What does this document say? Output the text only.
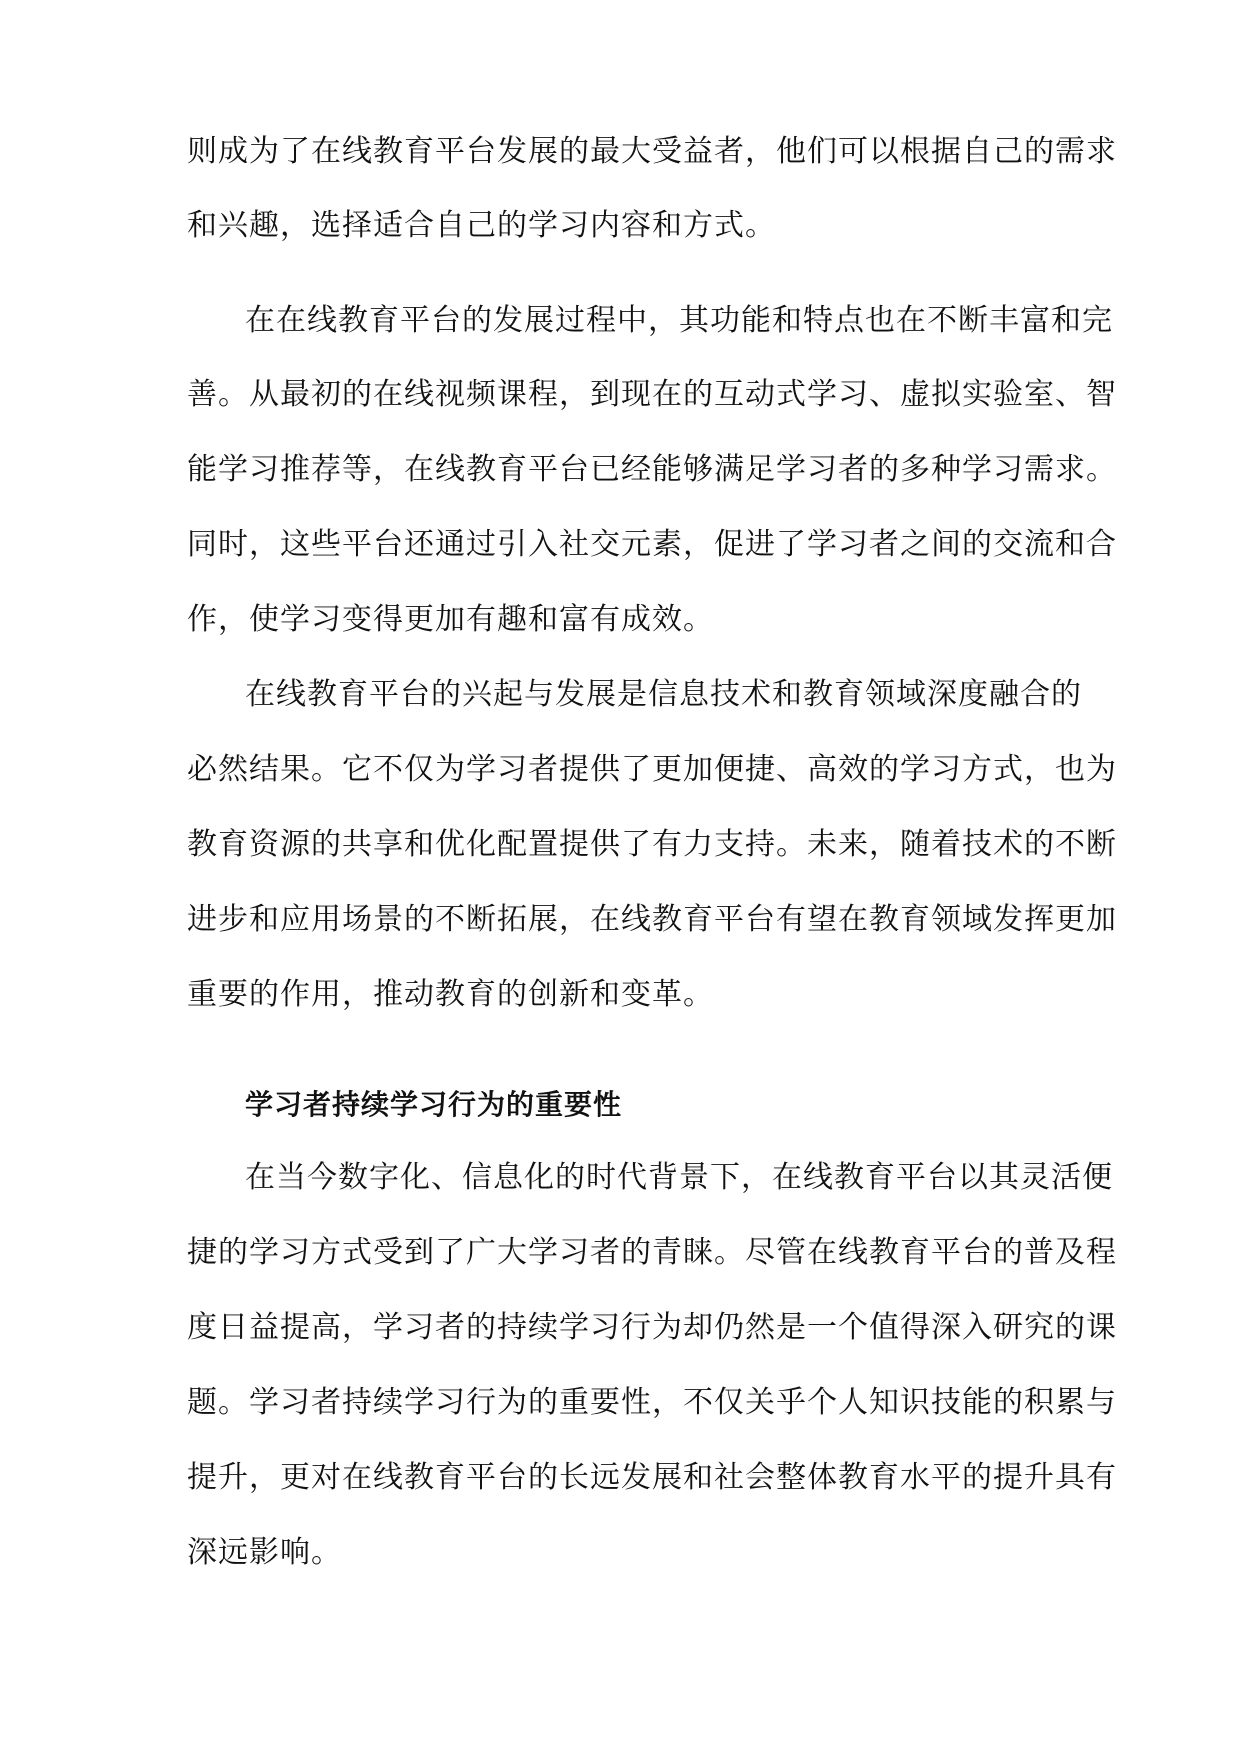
则成为了在线教育平台发展的最大受益者，他们可以根据自己的需求
和兴趣，选择适合自己的学习内容和方式。
在在线教育平台的发展过程中，其功能和特点也在不断丰富和完
善。从最初的在线视频课程，到现在的互动式学习、虚拟实验室、智
能学习推荐等，在线教育平台已经能够满足学习者的多种学习需求。
同时，这些平台还通过引入社交元素，促进了学习者之间的交流和合
作，使学习变得更加有趣和富有成效。
在线教育平台的兴起与发展是信息技术和教育领域深度融合的
必然结果。它不仅为学习者提供了更加便捷、高效的学习方式，也为
教育资源的共享和优化配置提供了有力支持。未来，随着技术的不断
进步和应用场景的不断拓展，在线教育平台有望在教育领域发挥更加
重要的作用，推动教育的创新和变革。
学习者持续学习行为的重要性
在当今数字化、信息化的时代背景下，在线教育平台以其灵活便
捷的学习方式受到了广大学习者的青睐。尽管在线教育平台的普及程
度日益提高，学习者的持续学习行为却仍然是一个值得深入研究的课
题。学习者持续学习行为的重要性，不仅关乎个人知识技能的积累与
提升，更对在线教育平台的长远发展和社会整体教育水平的提升具有
深远影响。
